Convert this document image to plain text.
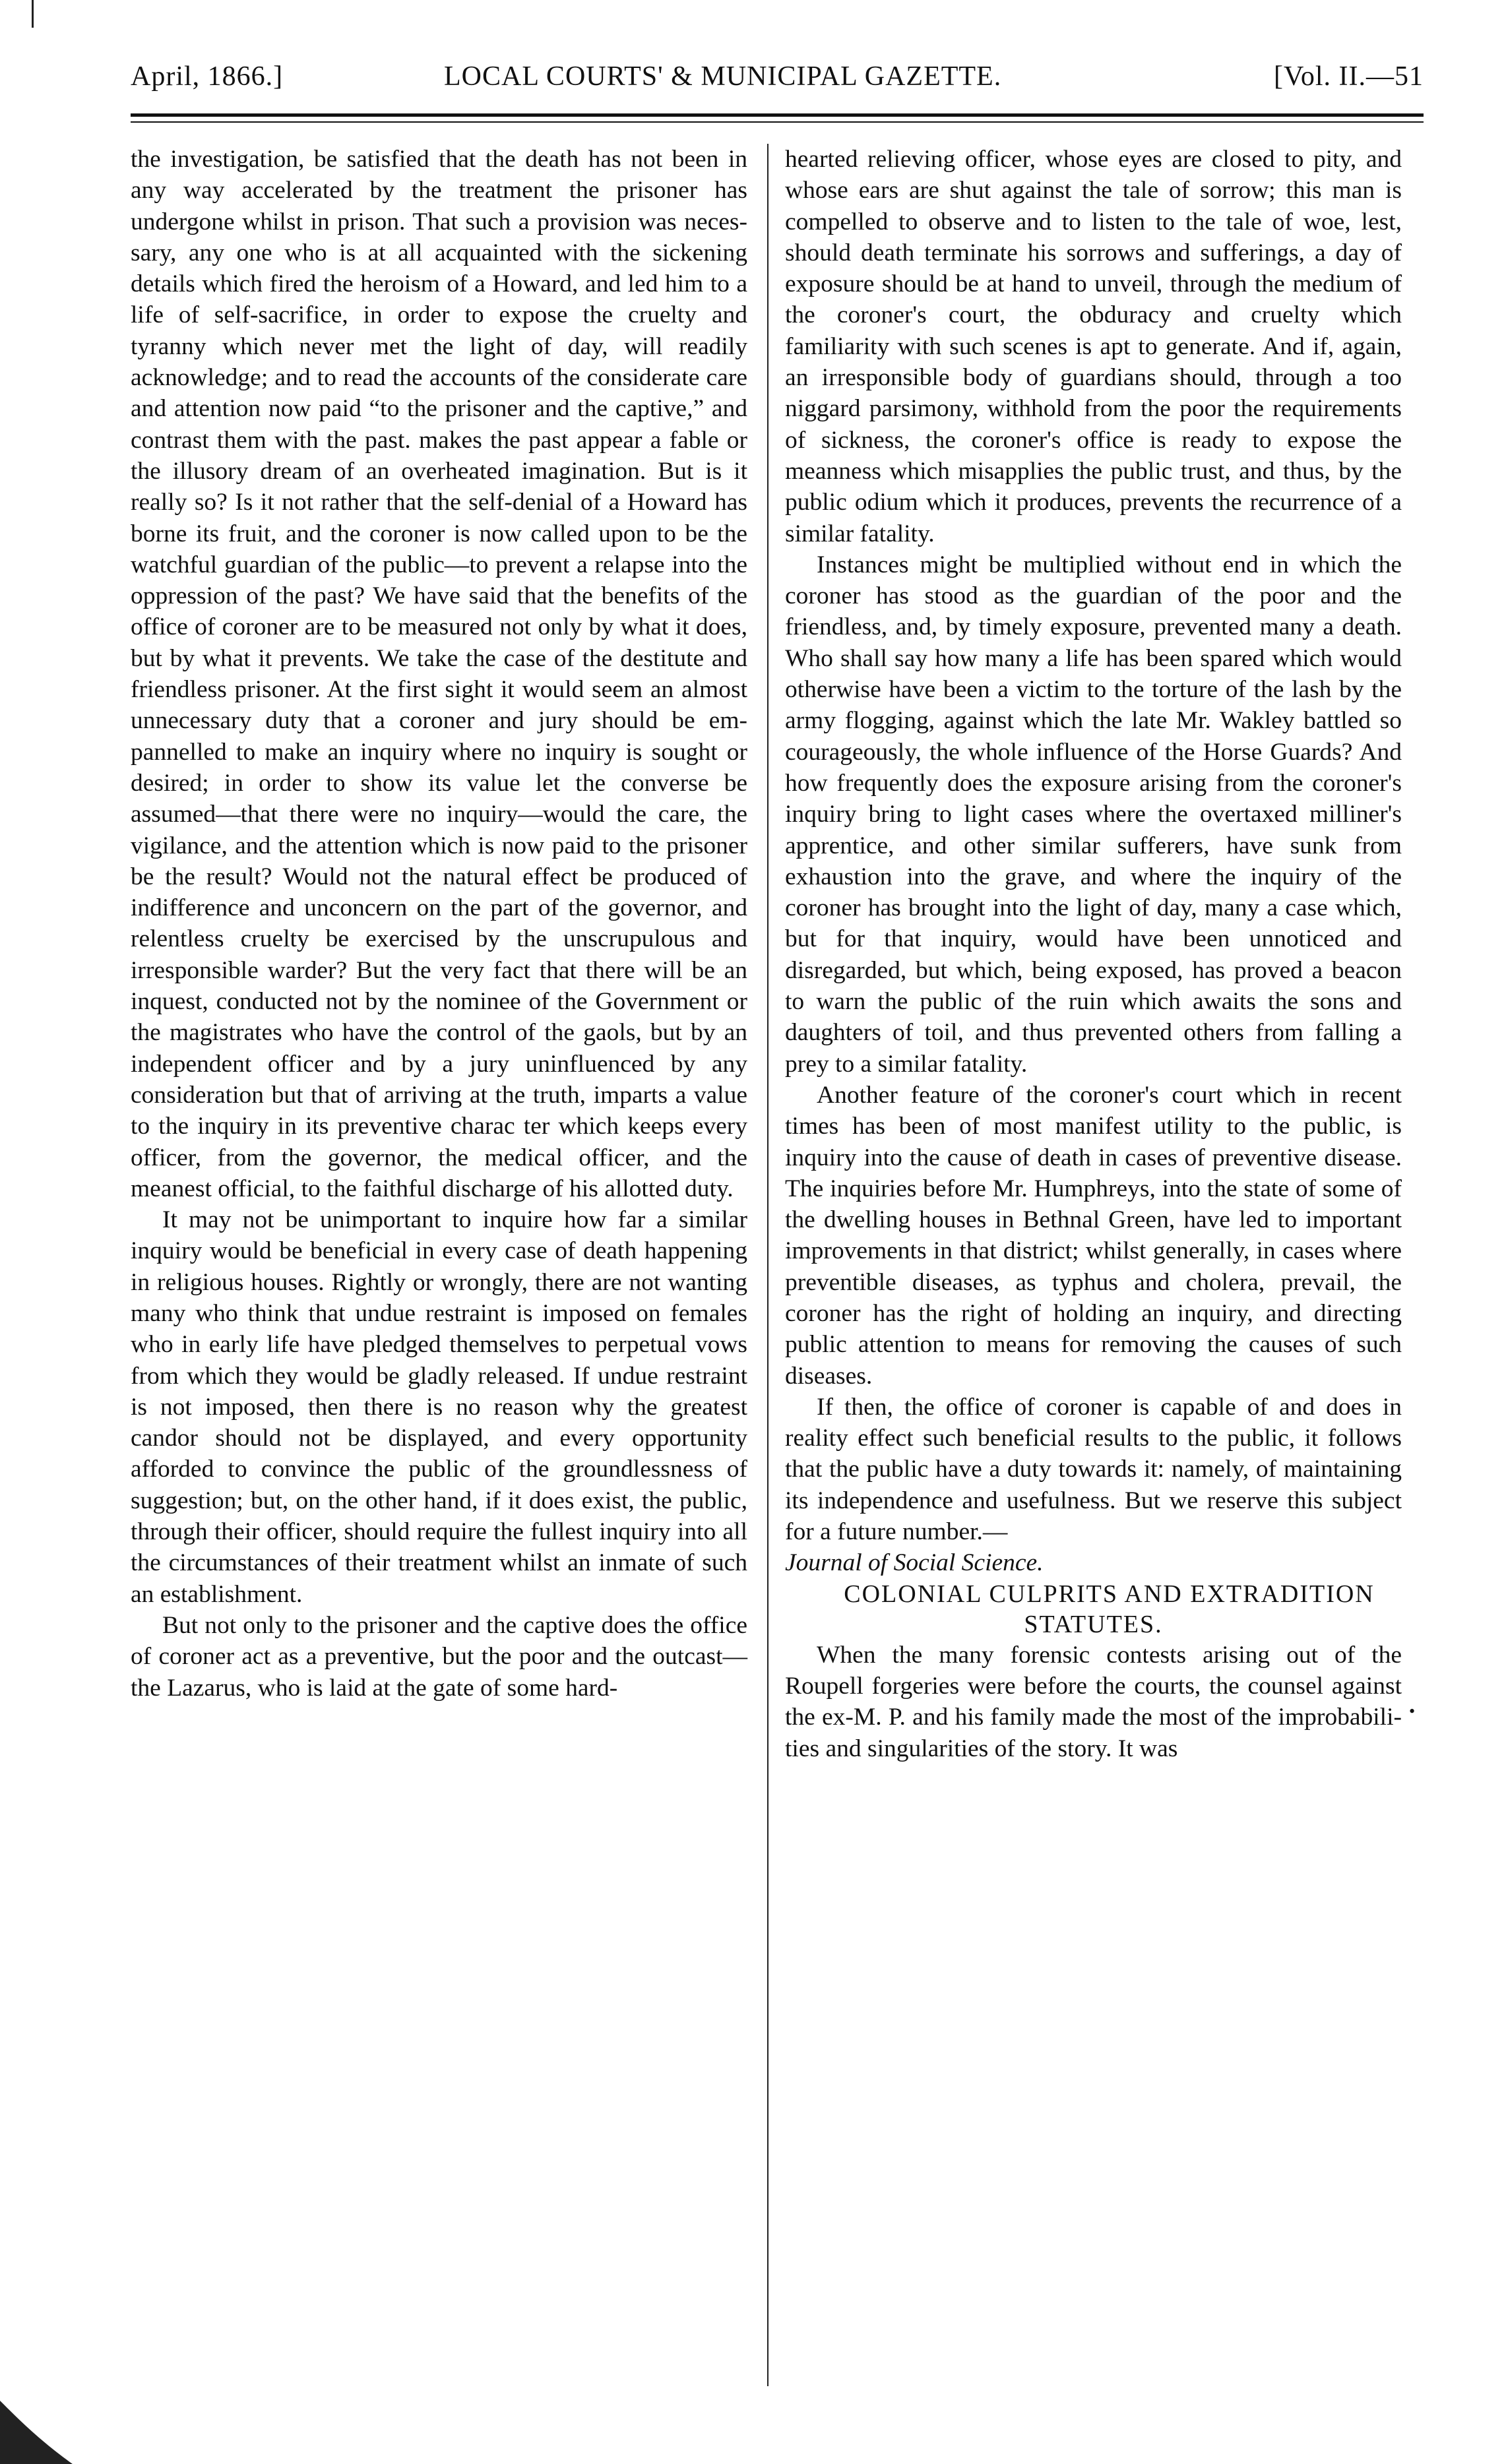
April, 1866.]	LOCAL COURTS' & MUNICIPAL GAZETTE.	[Vol. II.—51

the investigation, be satisfied that the death has not been in any way accelerated by the treatment the prisoner has undergone whilst in prison. That such a provision was necessary, any one who is at all acquainted with the sickening details which fired the heroism of a Howard, and led him to a life of self-sacrifice, in order to expose the cruelty and tyranny which never met the light of day, will readily acknowledge; and to read the accounts of the considerate care and attention now paid “to the prisoner and the captive,” and contrast them with the past. makes the past appear a fable or the illusory dream of an overheated imagination. But is it really so? Is it not rather that the self-denial of a Howard has borne its fruit, and the coroner is now called upon to be the watchful guardian of the public—to prevent a relapse into the oppression of the past? We have said that the benefits of the office of coroner are to be measured not only by what it does, but by what it prevents. We take the case of the destitute and friendless prisoner. At the first sight it would seem an almost unnecessary duty that a coroner and jury should be empannelled to make an inquiry where no inquiry is sought or desired; in order to show its value let the converse be assumed—that there were no inquiry—would the care, the vigilance, and the attention which is now paid to the prisoner be the result? Would not the natural effect be produced of indifference and unconcern on the part of the governor, and relentless cruelty be exercised by the unscrupulous and irresponsible warder? But the very fact that there will be an inquest, conducted not by the nominee of the Government or the magistrates who have the control of the gaols, but by an independent officer and by a jury uninfluenced by any consideration but that of arriving at the truth, imparts a value to the inquiry in its preventive charac ter which keeps every officer, from the governor, the medical officer, and the meanest official, to the faithful discharge of his allotted duty.

It may not be unimportant to inquire how far a similar inquiry would be beneficial in every case of death happening in religious houses. Rightly or wrongly, there are not wanting many who think that undue restraint is imposed on females who in early life have pledged themselves to perpetual vows from which they would be gladly released. If undue restraint is not imposed, then there is no reason why the greatest candor should not be displayed, and every opportunity afforded to convince the public of the groundlessness of suggestion; but, on the other hand, if it does exist, the public, through their officer, should require the fullest inquiry into all the circumstances of their treatment whilst an inmate of such an establishment.

But not only to the prisoner and the captive does the office of coroner act as a preventive, but the poor and the outcast—the Lazarus, who is laid at the gate of some hard-

hearted relieving officer, whose eyes are closed to pity, and whose ears are shut against the tale of sorrow; this man is compelled to observe and to listen to the tale of woe, lest, should death terminate his sorrows and sufferings, a day of exposure should be at hand to unveil, through the medium of the coroner's court, the obduracy and cruelty which familiarity with such scenes is apt to generate. And if, again, an irresponsible body of guardians should, through a too niggard parsimony, withhold from the poor the requirements of sickness, the coroner's office is ready to expose the meanness which misapplies the public trust, and thus, by the public odium which it produces, prevents the recurrence of a similar fatality.

Instances might be multiplied without end in which the coroner has stood as the guardian of the poor and the friendless, and, by timely exposure, prevented many a death. Who shall say how many a life has been spared which would otherwise have been a victim to the torture of the lash by the army flogging, against which the late Mr. Wakley battled so courageously, the whole influence of the Horse Guards? And how frequently does the exposure arising from the coroner's inquiry bring to light cases where the overtaxed milliner's apprentice, and other similar sufferers, have sunk from exhaustion into the grave, and where the inquiry of the coroner has brought into the light of day, many a case which, but for that inquiry, would have been unnoticed and disregarded, but which, being exposed, has proved a beacon to warn the public of the ruin which awaits the sons and daughters of toil, and thus prevented others from falling a prey to a similar fatality.

Another feature of the coroner's court which in recent times has been of most manifest utility to the public, is inquiry into the cause of death in cases of preventive disease. The inquiries before Mr. Humphreys, into the state of some of the dwelling houses in Bethnal Green, have led to important improvements in that district; whilst generally, in cases where preventible diseases, as typhus and cholera, prevail, the coroner has the right of holding an inquiry, and directing public attention to means for removing the causes of such diseases.

If then, the office of coroner is capable of and does in reality effect such beneficial results to the public, it follows that the public have a duty towards it: namely, of maintaining its independence and usefulness. But we reserve this subject for a future number.—

Journal of Social Science.

COLONIAL CULPRITS AND EXTRADITION STATUTES.

When the many forensic contests arising out of the Roupell forgeries were before the courts, the counsel against the ex-M. P. and his family made the most of the improbabilities and singularities of the story. It was

•
